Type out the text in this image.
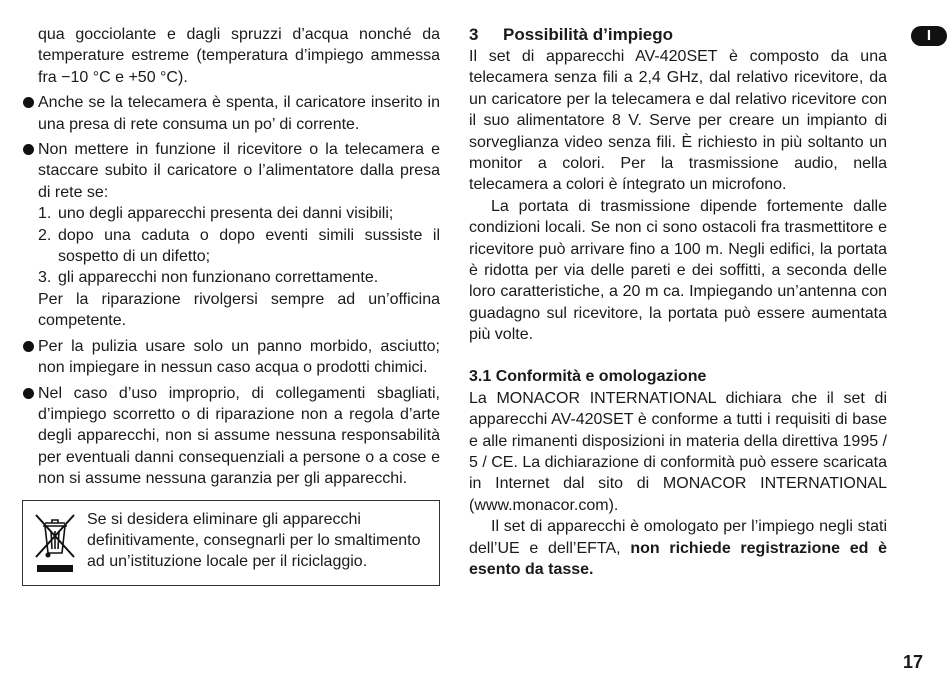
qua gocciolante e dagli spruzzi d’acqua nonché da temperature estreme (temperatura d’impiego ammessa fra −10 °C e +50 °C).

Anche se la telecamera è spenta, il caricatore inserito in una presa di rete consuma un po’ di corrente.

Non mettere in funzione il ricevitore o la telecamera e staccare subito il caricatore o l’alimentatore dalla presa di rete se:

1. uno degli apparecchi presenta dei danni visibili;
2. dopo una caduta o dopo eventi simili sussiste il sospetto di un difetto;
3. gli apparecchi non funzionano correttamente.

Per la riparazione rivolgersi sempre ad un’officina competente.

Per la pulizia usare solo un panno morbido, asciutto; non impiegare in nessun caso acqua o prodotti chimici.

Nel caso d’uso improprio, di collegamenti sbagliati, d’impiego scorretto o di riparazione non a regola d’arte degli apparecchi, non si assume nessuna responsabilità per eventuali danni consequenziali a persone o a cose e non si assume nessuna garanzia per gli apparecchi.

Se si desidera eliminare gli apparecchi definitivamente, consegnarli per lo smaltimento ad un’istituzione locale per il riciclaggio.

3 Possibilità d’impiego

Il set di apparecchi AV-420SET è composto da una telecamera senza fili a 2,4 GHz, dal relativo ricevitore, da un caricatore per la telecamera e dal relativo ricevitore con il suo alimentatore 8 V. Serve per creare un impianto di sorveglianza video senza fili. È richiesto in più soltanto un monitor a colori. Per la trasmissione audio, nella telecamera a colori è íntegrato un microfono.

La portata di trasmissione dipende fortemente dalle condizioni locali. Se non ci sono ostacoli fra trasmettitore e ricevitore può arrivare fino a 100 m. Negli edifici, la portata è ridotta per via delle pareti e dei soffitti, a seconda delle loro caratteristiche, a 20 m ca. Impiegando un’antenna con guadagno sul ricevitore, la portata può essere aumentata più volte.

3.1 Conformità e omologazione

La MONACOR INTERNATIONAL dichiara che il set di apparecchi AV-420SET è conforme a tutti i requisiti di base e alle rimanenti disposizioni in materia della direttiva 1995 / 5 / CE. La dichiarazione di conformità può essere scaricata in Internet dal sito di MONACOR INTERNATIONAL (www.monacor.com).

Il set di apparecchi è omologato per l’impiego negli stati dell’UE e dell’EFTA, non richiede registrazione ed è esento da tasse.

I
17
